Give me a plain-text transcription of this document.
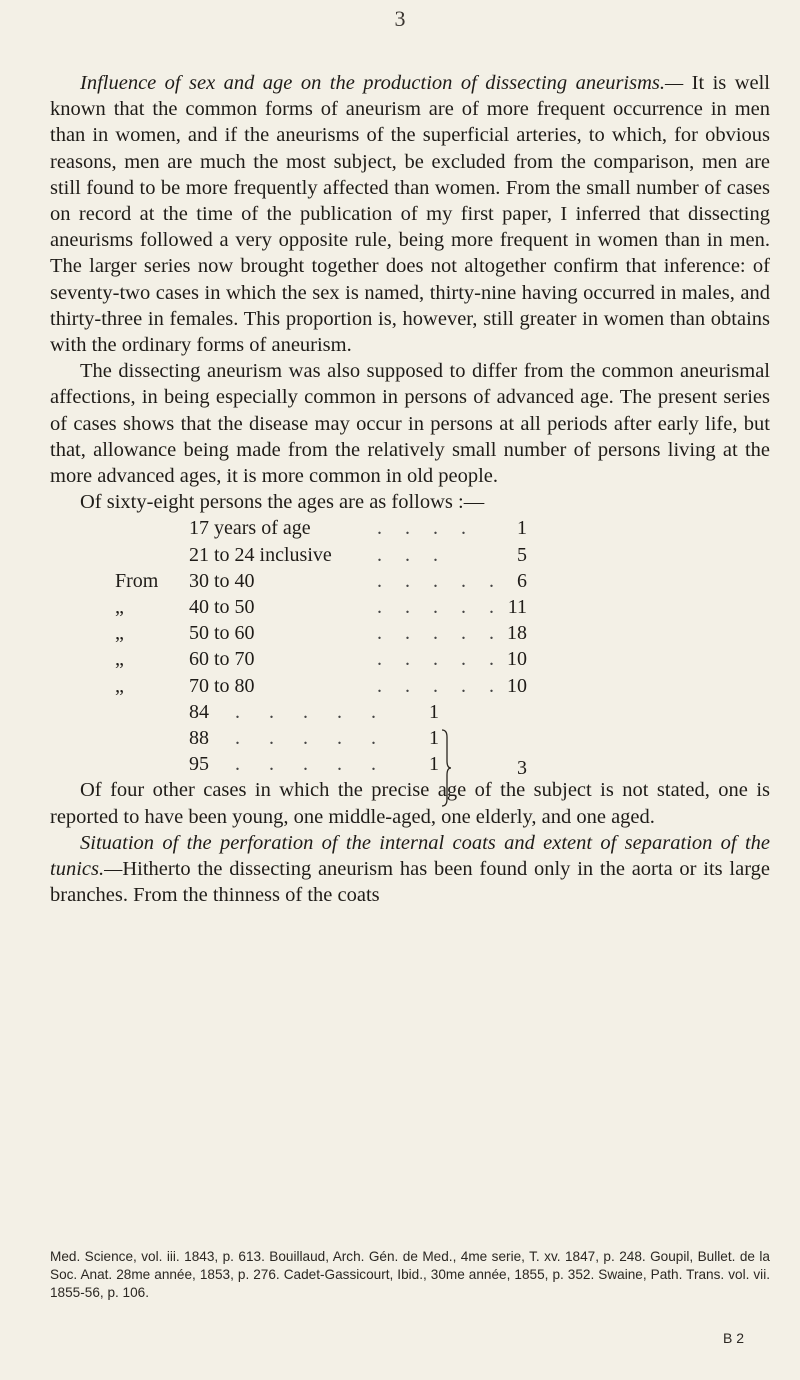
3

Influence of sex and age on the production of dissecting aneurisms.— It is well known that the common forms of aneurism are of more frequent occurrence in men than in women, and if the aneurisms of the superficial arteries, to which, for obvious reasons, men are much the most subject, be excluded from the comparison, men are still found to be more frequently affected than women. From the small number of cases on record at the time of the publication of my first paper, I inferred that dissecting aneurisms followed a very opposite rule, being more frequent in women than in men. The larger series now brought together does not altogether confirm that inference: of seventy-two cases in which the sex is named, thirty-nine having occurred in males, and thirty-three in females. This proportion is, however, still greater in women than obtains with the ordinary forms of aneurism.

The dissecting aneurism was also supposed to differ from the common aneurismal affections, in being especially common in persons of advanced age. The present series of cases shows that the disease may occur in persons at all periods after early life, but that, allowance being made from the relatively small number of persons living at the more advanced ages, it is more common in old people.

Of sixty-eight persons the ages are as follows :—

17 years of age	. . . . 1
21 to 24 inclusive . . .	5
From 30 to 40	. . . . . 6
„	40 to 50	. . . . . 11
„	50 to 60	. . . . . 18
„	60 to 70	. . . . . 10
„	70 to 80	. . . . . 10
84 . . . . . 1
88 . . . . . 1
95 . . . . . 1	3

Of four other cases in which the precise age of the subject is not stated, one is reported to have been young, one middle-aged, one elderly, and one aged.

Situation of the perforation of the internal coats and extent of separation of the tunics.—Hitherto the dissecting aneurism has been found only in the aorta or its large branches. From the thinness of the coats

Med. Science, vol. iii. 1843, p. 613. Bouillaud, Arch. Gén. de Med., 4me serie, T. xv. 1847, p. 248. Goupil, Bullet. de la Soc. Anat. 28me année, 1853, p. 276. Cadet-Gassicourt, Ibid., 30me année, 1855, p. 352. Swaine, Path. Trans. vol. vii. 1855-56, p. 106.
B 2
